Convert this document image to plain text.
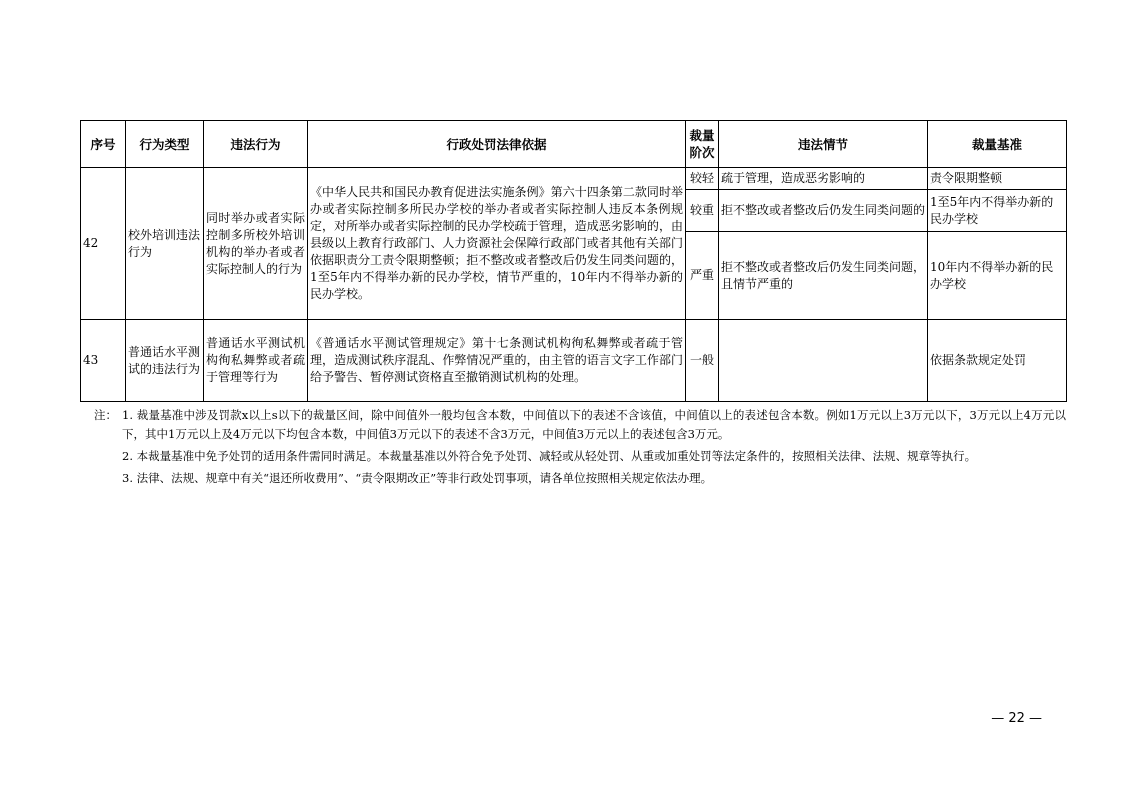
序号	行为类型	违法行为	行政处罚法律依据	裁量阶次	违法情节	裁量基准
42	校外培训违法行为	同时举办或者实际控制多所校外培训机构的举办者或者实际控制人的行为	《中华人民共和国民办教育促进法实施条例》第六十四条第二款同时举办或者实际控制多所民办学校的举办者或者实际控制人违反本条例规定，对所举办或者实际控制的民办学校疏于管理，造成恶劣影响的，由县级以上教育行政部门、人力资源社会保障行政部门或者其他有关部门依据职责分工责令限期整顿；拒不整改或者整改后仍发生同类问题的，1至5年内不得举办新的民办学校，情节严重的，10年内不得举办新的民办学校。	较轻	疏于管理，造成恶劣影响的	责令限期整顿
				较重	拒不整改或者整改后仍发生同类问题的	1至5年内不得举办新的民办学校
				严重	拒不整改或者整改后仍发生同类问题，且情节严重的	10年内不得举办新的民办学校
43	普通话水平测试的违法行为	普通话水平测试机构徇私舞弊或者疏于管理等行为	《普通话水平测试管理规定》第十七条测试机构徇私舞弊或者疏于管理，造成测试秩序混乱、作弊情况严重的，由主管的语言文字工作部门给予警告、暂停测试资格直至撤销测试机构的处理。	一般		依据条款规定处罚
注： 1. 裁量基准中涉及罚款x以上s以下的裁量区间，除中间值外一般均包含本数，中间值以下的表述不含该值，中间值以上的表述包含本数。例如1万元以上3万元以下，3万元以上4万元以下，其中1万元以上及4万元以下均包含本数，中间值3万元以下的表述不含3万元，中间值3万元以上的表述包含3万元。
2. 本裁量基准中免予处罚的适用条件需同时满足。本裁量基准以外符合免予处罚、减轻或从轻处罚、从重或加重处罚等法定条件的，按照相关法律、法规、规章等执行。
3. 法律、法规、规章中有关“退还所收费用”、“责令限期改正”等非行政处罚事项，请各单位按照相关规定依法办理。
— 22 —
